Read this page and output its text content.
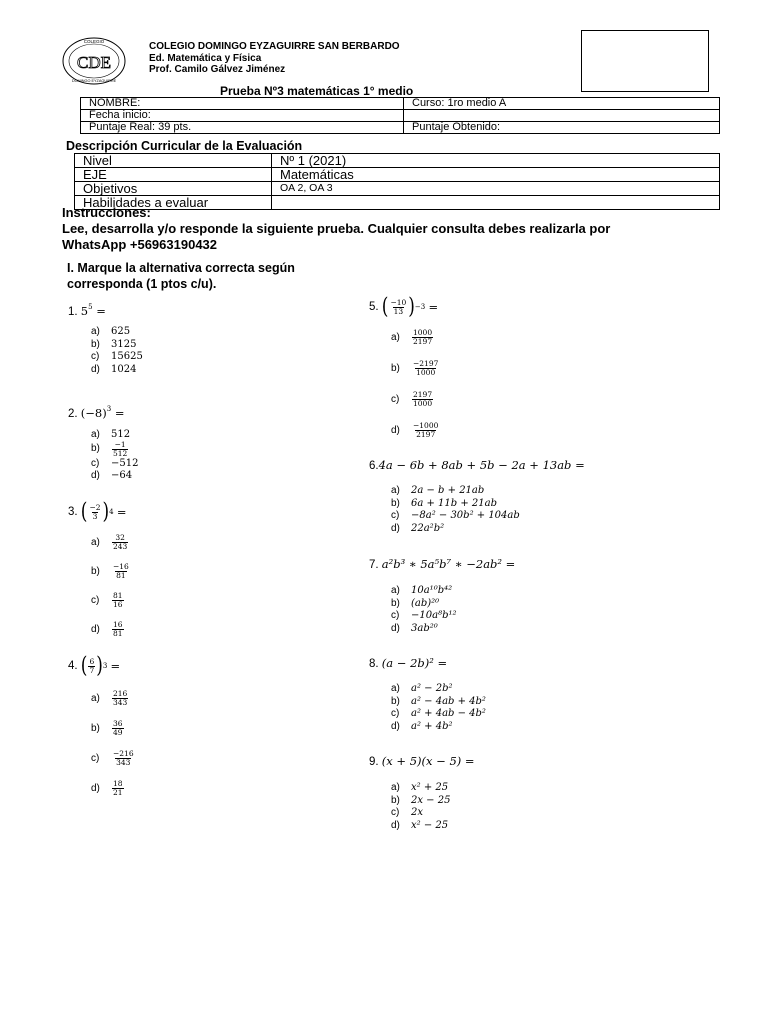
COLEGIO
CDE
DOMINGO EYZAGUIRRE
COLEGIO DOMINGO EYZAGUIRRE SAN BERBARDO
Ed. Matemática y Física
Prof. Camilo Gálvez Jiménez
Prueba Nº3 matemáticas 1° medio
NOMBRE:	Curso: 1ro medio A
Fecha inicio:	
Puntaje Real: 39 pts.	Puntaje Obtenido:
Descripción Curricular de la Evaluación
Nivel	Nº 1 (2021)
EJE	Matemáticas
Objetivos	OA 2, OA 3
Habilidades a evaluar	
Instrucciones:
Lee, desarrolla y/o responde la siguiente prueba. Cualquier consulta debes realizarla por WhatsApp +56963190432
I. Marque la alternativa correcta según corresponda (1 ptos c/u).
1. $5^5$ =
a)	625
b)	3125
c)	15625
d)	1024
2. $(-8)^3$ =
a)	512
b)	$\frac{-1}{512}$
c)	−512
d)	−64
3.
( $\frac{-2}{3}$ ) 4
=
a)	$\frac{32}{243}$
b)	$\frac{-16}{81}$
c)	$\frac{81}{16}$
d)	$\frac{16}{81}$
4.
( $\frac{6}{7}$ ) 3
=
a)	$\frac{216}{343}$
b)	$\frac{36}{49}$
c)	$\frac{-216}{343}$
d)	$\frac{18}{21}$
5.
( $\frac{-10}{13}$ ) −3
=
a)	$\frac{1000}{2197}$
b)	$\frac{-2197}{1000}$
c)	$\frac{2197}{1000}$
d)	$\frac{-1000}{2197}$
6.4a − 6b + 8ab + 5b − 2a + 13ab =
a)	2a − b + 21ab
b)	6a + 11b + 21ab
c)	−8a² − 30b² + 104ab
d)	22a²b²
7. a²b³ ∗ 5a⁵b⁷ ∗ −2ab² =
a)	10a¹⁰b⁴²
b)	(ab)²⁰
c)	−10a⁸b¹²
d)	3ab²⁰
8. (a − 2b)² =
a)	a² − 2b²
b)	a² − 4ab + 4b²
c)	a² + 4ab − 4b²
d)	a² + 4b²
9. (x + 5)(x − 5) =
a)	x² + 25
b)	2x − 25
c)	2x
d)	x² − 25
